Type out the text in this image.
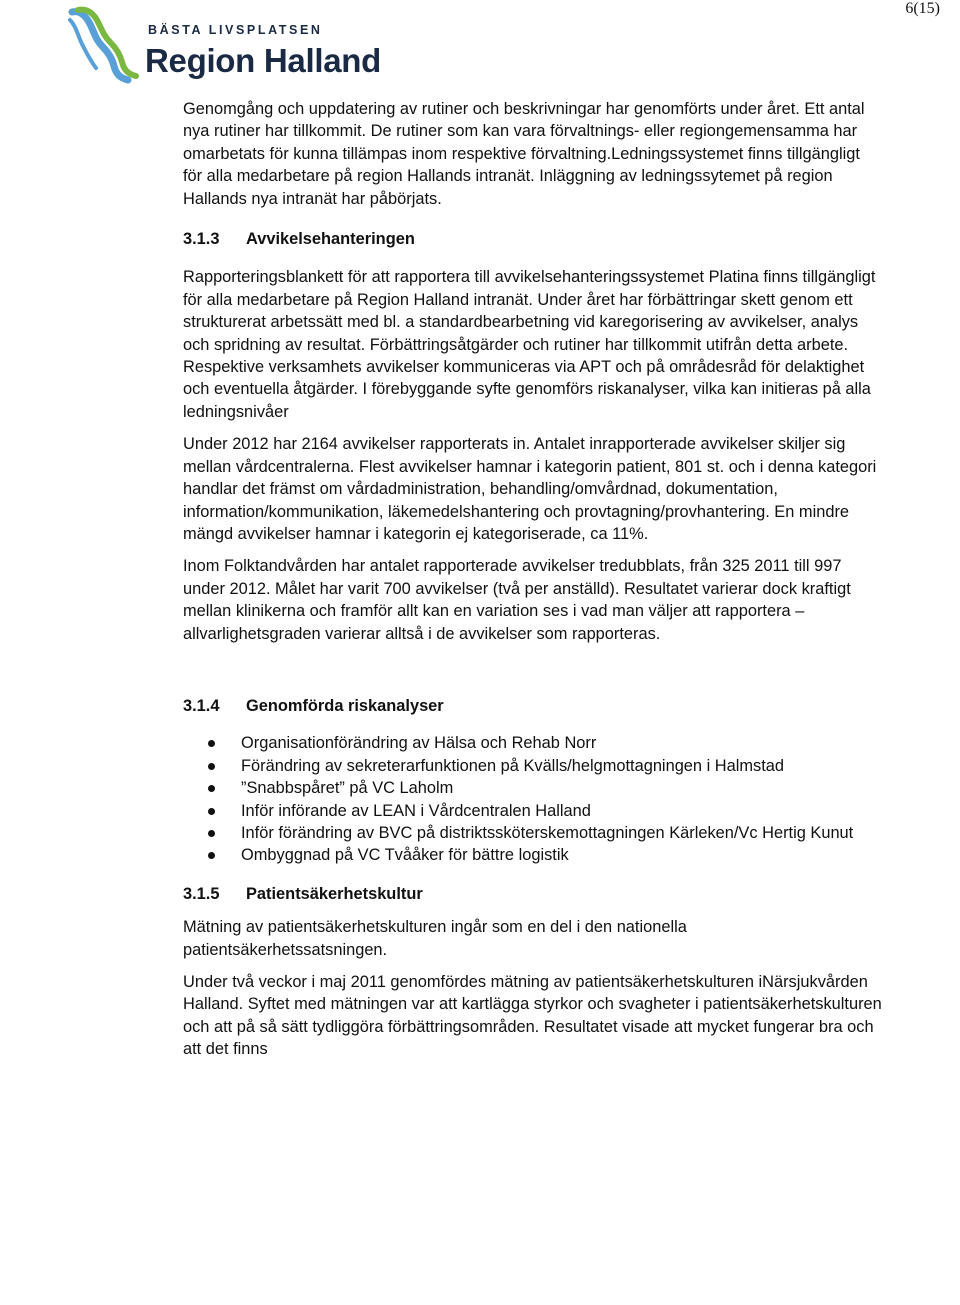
6(15)
BÄSTA LIVSPLATSEN
Region Halland

Genomgång och uppdatering av rutiner och beskrivningar har genomförts under året. Ett antal nya rutiner har tillkommit. De rutiner som kan vara förvaltnings- eller regiongemensamma har omarbetats för kunna tillämpas inom respektive förvaltning.Ledningssystemet finns tillgängligt för alla medarbetare på region Hallands intranät. Inläggning av ledningssytemet på region Hallands nya intranät har påbörjats.

3.1.3	Avvikelsehanteringen

Rapporteringsblankett för att rapportera till avvikelsehanteringssystemet Platina finns tillgängligt för alla medarbetare på Region Halland intranät. Under året har förbättringar skett genom ett strukturerat arbetssätt med bl. a standardbearbetning vid karegorisering av avvikelser, analys och spridning av resultat. Förbättringsåtgärder och rutiner har tillkommit utifrån detta arbete. Respektive verksamhets avvikelser kommuniceras via APT och på områdesråd för delaktighet och eventuella åtgärder. I förebyggande syfte genomförs riskanalyser, vilka kan initieras på alla ledningsnivåer

Under 2012 har 2164 avvikelser rapporterats in. Antalet inrapporterade avvikelser skiljer sig mellan vårdcentralerna. Flest avvikelser hamnar i kategorin patient, 801 st. och i denna kategori handlar det främst om vårdadministration, behandling/omvårdnad, dokumentation, information/kommunikation, läkemedelshantering och provtagning/provhantering. En mindre mängd avvikelser hamnar i kategorin ej kategoriserade, ca 11%.

Inom Folktandvården har antalet rapporterade avvikelser tredubblats, från 325 2011 till 997 under 2012. Målet har varit 700 avvikelser (två per anställd). Resultatet varierar dock kraftigt mellan klinikerna och framför allt kan en variation ses i vad man väljer att rapportera – allvarlighetsgraden varierar alltså i de avvikelser som rapporteras.

3.1.4	Genomförda riskanalyser
Organisationförändring av Hälsa och Rehab Norr
Förändring av sekreterarfunktionen på Kvälls/helgmottagningen i Halmstad
”Snabbspåret” på VC Laholm
Inför införande av LEAN i Vårdcentralen Halland
Inför förändring av BVC på distriktssköterskemottagningen Kärleken/Vc Hertig Kunut
Ombyggnad på VC Tvååker för bättre logistik
3.1.5	Patientsäkerhetskultur

Mätning av patientsäkerhetskulturen ingår som en del i den nationella patientsäkerhetssatsningen.

Under två veckor i maj 2011 genomfördes mätning av patientsäkerhetskulturen iNärsjukvården Halland. Syftet med mätningen var att kartlägga styrkor och svagheter i patientsäkerhetskulturen och att på så sätt tydliggöra förbättringsområden. Resultatet visade att mycket fungerar bra och att det finns
